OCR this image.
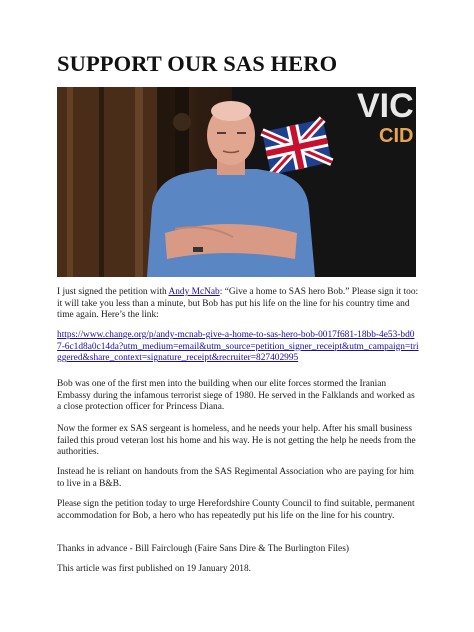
SUPPORT OUR SAS HERO
VIC
CID

I just signed the petition with Andy McNab: “Give a home to SAS hero Bob.” Please sign it too: it will take you less than a minute, but Bob has put his life on the line for his country time and time again. Here’s the link:

https://www.change.org/p/andy-mcnab-give-a-home-to-sas-hero-bob-0017f681-18bb-4e53-bd07-6c1d8a0c14da?utm_medium=email&utm_source=petition_signer_receipt&utm_campaign=triggered&share_context=signature_receipt&recruiter=827402995

Bob was one of the first men into the building when our elite forces stormed the Iranian Embassy during the infamous terrorist siege of 1980. He served in the Falklands and worked as a close protection officer for Princess Diana.

Now the former ex SAS sergeant is homeless, and he needs your help. After his small business failed this proud veteran lost his home and his way. He is not getting the help he needs from the authorities.

Instead he is reliant on handouts from the SAS Regimental Association who are paying for him to live in a B&B.

Please sign the petition today to urge Herefordshire County Council to find suitable, permanent accommodation for Bob, a hero who has repeatedly put his life on the line for his country.

Thanks in advance - Bill Fairclough (Faire Sans Dire & The Burlington Files)

This article was first published on 19 January 2018.
